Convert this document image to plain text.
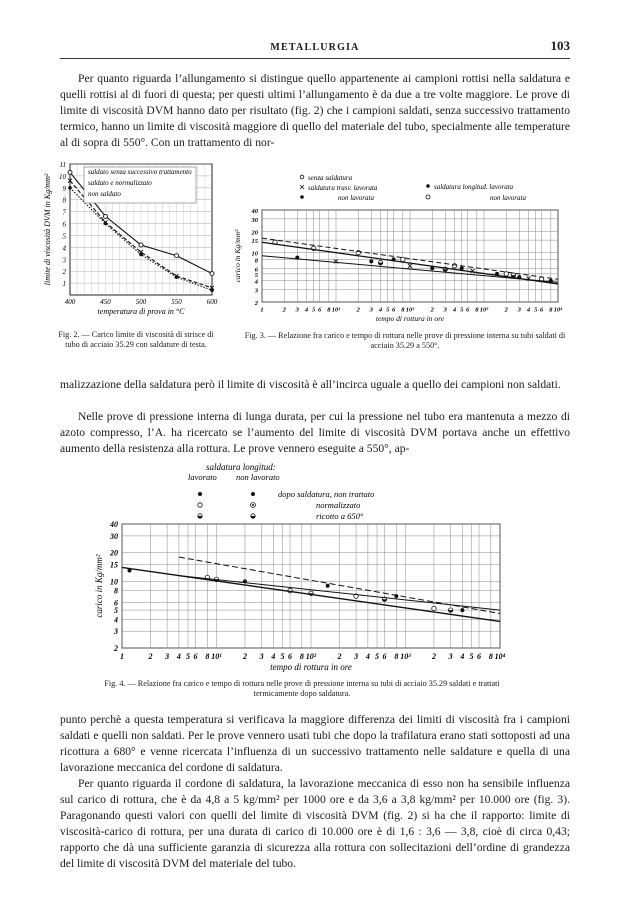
METALLURGIA	103

Per quanto riguarda l’allungamento si distingue quello appartenente ai campioni rottisi nella saldatura e quelli rottisi al di fuori di questa; per questi ultimi l’allungamento è da due a tre volte maggiore. Le prove di limite di viscosità DVM hanno dato per risultato (fig. 2) che i campioni saldati, senza successivo trattamento termico, hanno un limite di viscosità maggiore di quello del materiale del tubo, specialmente alle temperature al di sopra di 550°. Con un trattamento di nor-

1
2
3
4
5
6
7
8
9
10
11
400	450	500	550	600
temperatura di prova in °C
limite di viscosità DVM in Kg/mm²
saldato senza successivo trattamento
saldato e normalizzato
non saldato

Fig. 2. — Carico limite di viscosità di strisce di tubo di acciaio 35.29 con saldature di testa.

2
3
4
5
6
8
10
15
20
30
40
1	2 3 4 5 6 8 10¹	2 3 4 5 6 8 10²	2 3 4 5 6 8 10³	2 3 4 5 6 8 10⁴
tempo di rottura in ore
carico in Kg/mm²
senza saldatura
saldatura trasv. lavorata
non lavorata
saldatura longitud. lavorata
non lavorata

Fig. 3. — Relazione fra carico e tempo di rottura nelle prove di pressione interna su tubi saldati di acciaio 35.29 a 550°.

malizzazione della saldatura però il limite di viscosità è all’incirca uguale a quello dei campioni non saldati.

Nelle prove di pressione interna di lunga durata, per cui la pressione nel tubo era mantenuta a mezzo di azoto compresso, l’A. ha ricercato se l’aumento del limite di viscosità DVM portava anche un effettivo aumento della resistenza alla rottura. Le prove vennero eseguite a 550°, ap-

2
3
4
5
6
8
10
15
20
30
40
1	2 3 4 5 6 8 10¹	2 3 4 5 6 8 10²	2 3 4 5 6 8 10³	2 3 4 5 6 8 10⁴
tempo di rottura in ore
carico in Kg/mm²
saldatura longitud:
lavorato non lavorato
dopo saldatura, non trattato
normalizzato
ricotto a 650°

Fig. 4. — Relazione fra carico e tempo di rottura nelle prove di pressione interna su tubi di acciaio 35.29 saldati e trattati termicamente dopo saldatura.

punto perchè a questa temperatura si verificava la maggiore differenza dei limiti di viscosità fra i campioni saldati e quelli non saldati. Per le prove vennero usati tubi che dopo la trafilatura erano stati sottoposti ad una ricottura a 680° e venne ricercata l’influenza di un successivo trattamento nelle saldature e quella di una lavorazione meccanica del cordone di saldatura.

Per quanto riguarda il cordone di saldatura, la lavorazione meccanica di esso non ha sensibile influenza sul carico di rottura, che è da 4,8 a 5 kg/mm² per 1000 ore e da 3,6 a 3,8 kg/mm² per 10.000 ore (fig. 3). Paragonando questi valori con quelli del limite di viscosità DVM (fig. 2) si ha che il rapporto: limite di viscosità-carico di rottura, per una durata di carico di 10.000 ore è di 1,6 : 3,6 — 3,8, cioè di circa 0,43; rapporto che dà una sufficiente garanzia di sicurezza alla rottura con sollecitazioni dell’ordine di grandezza del limite di viscosità DVM del materiale del tubo.
